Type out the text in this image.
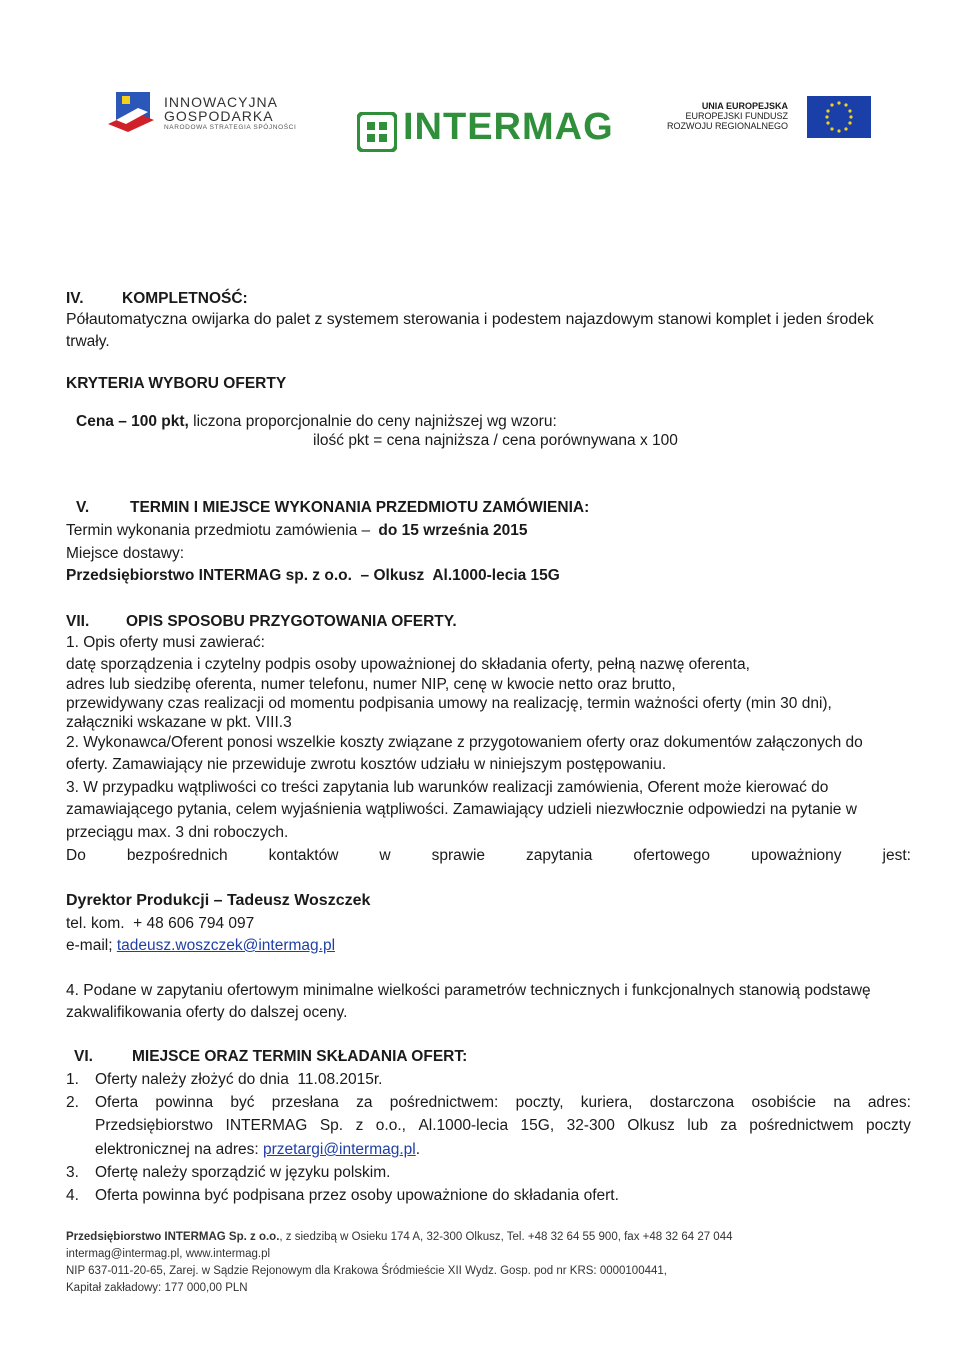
INNOWACYJNA
GOSPODARKA
NARODOWA STRATEGIA SPÓJNOŚCI	INTERMAG	UNIA EUROPEJSKA
EUROPEJSKI FUNDUSZ
ROZWOJU REGIONALNEGO
IV. KOMPLETNOŚĆ:
Półautomatyczna owijarka do palet z systemem sterowania i podestem najazdowym stanowi komplet i jeden środek
trwały.
KRYTERIA WYBORU OFERTY
Cena – 100 pkt, liczona proporcjonalnie do ceny najniższej wg wzoru:
ilość pkt = cena najniższa / cena porównywana x 100
V.	TERMIN I MIEJSCE WYKONANIA PRZEDMIOTU ZAMÓWIENIA:
Termin wykonania przedmiotu zamówienia – do 15 września 2015
Miejsce dostawy:
Przedsiębiorstwo INTERMAG sp. z o.o.  – Olkusz  Al.1000-lecia 15G
VII. OPIS SPOSOBU PRZYGOTOWANIA OFERTY.
1. Opis oferty musi zawierać:
datę sporządzenia i czytelny podpis osoby upoważnionej do składania oferty, pełną nazwę oferenta,
adres lub siedzibę oferenta, numer telefonu, numer NIP, cenę w kwocie netto oraz brutto,
przewidywany czas realizacji od momentu podpisania umowy na realizację, termin ważności oferty (min 30 dni),
załączniki wskazane w pkt. VIII.3
2. Wykonawca/Oferent ponosi wszelkie koszty związane z przygotowaniem oferty oraz dokumentów załączonych do
oferty. Zamawiający nie przewiduje zwrotu kosztów udziału w niniejszym postępowaniu.
3. W przypadku wątpliwości co treści zapytania lub warunków realizacji zamówienia, Oferent może kierować do
zamawiającego pytania, celem wyjaśnienia wątpliwości. Zamawiający udzieli niezwłocznie odpowiedzi na pytanie w
przeciągu max. 3 dni roboczych.
Do	bezpośrednich	kontaktów	w	sprawie	zapytania	ofertowego	upoważniony	jest:
Dyrektor Produkcji – Tadeusz Woszczek
tel. kom.  + 48 606 794 097
e-mail; tadeusz.woszczek@intermag.pl
4. Podane w zapytaniu ofertowym minimalne wielkości parametrów technicznych i funkcjonalnych stanowią podstawę
zakwalifikowania oferty do dalszej oceny.
VI.	MIEJSCE ORAZ TERMIN SKŁADANIA OFERT:
1. Oferty należy złożyć do dnia  11.08.2015r.
2. Oferta powinna być przesłana za pośrednictwem: poczty, kuriera, dostarczona osobiście na adres:
Przedsiębiorstwo INTERMAG Sp. z o.o., Al.1000-lecia 15G, 32-300 Olkusz lub za pośrednictwem poczty
elektronicznej na adres: przetargi@intermag.pl.
3. Ofertę należy sporządzić w języku polskim.
4. Oferta powinna być podpisana przez osoby upoważnione do składania ofert.
Przedsiębiorstwo INTERMAG Sp. z o.o., z siedzibą w Osieku 174 A, 32-300 Olkusz, Tel. +48 32 64 55 900, fax +48 32 64 27 044
intermag@intermag.pl, www.intermag.pl
NIP 637-011-20-65, Zarej. w Sądzie Rejonowym dla Krakowa Śródmieście XII Wydz. Gosp. pod nr KRS: 0000100441,
Kapitał zakładowy: 177 000,00 PLN
